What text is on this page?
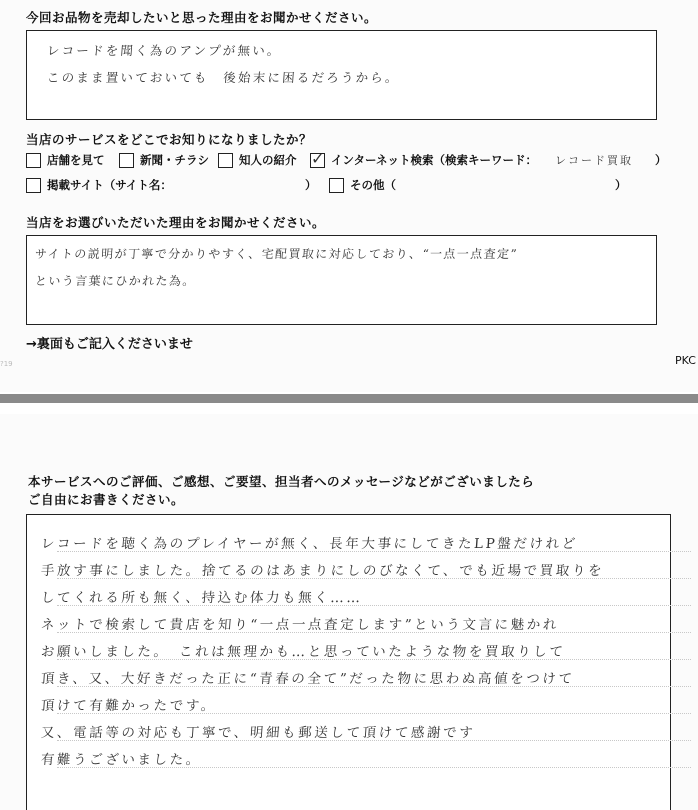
今回お品物を売却したいと思った理由をお聞かせください。
レコードを聞く為のアンプが無い。
このまま置いておいても　後始末に困るだろうから。
当店のサービスをどこでお知りになりましたか？
店舗を見て	新聞・チラシ	知人の紹介 ✓ インターネット検索（検索キーワード： レコード買取 ）
掲載サイト（サイト名：	）	その他（	）
当店をお選びいただいた理由をお聞かせください。
サイトの説明が丁寧で分かりやすく、宅配買取に対応しており、“一点一点査定”
という言葉にひかれた為。
→裏面もご記入くださいませ
?19	PKC
本サービスへのご評価、ご感想、ご要望、担当者へのメッセージなどがございましたら
ご自由にお書きください。
レコードを聴く為のプレイヤーが無く、長年大事にしてきたLP盤だけれど
手放す事にしました。捨てるのはあまりにしのびなくて、でも近場で買取りを
してくれる所も無く、持込む体力も無く……
ネットで検索して貴店を知り“一点一点査定します”という文言に魅かれ
お願いしました。　これは無理かも…と思っていたような物を買取りして
頂き、又、大好きだった正に“青春の全て”だった物に思わぬ高値をつけて
頂けて有難かったです。
又、電話等の対応も丁寧で、明細も郵送して頂けて感謝です
有難うございました。
